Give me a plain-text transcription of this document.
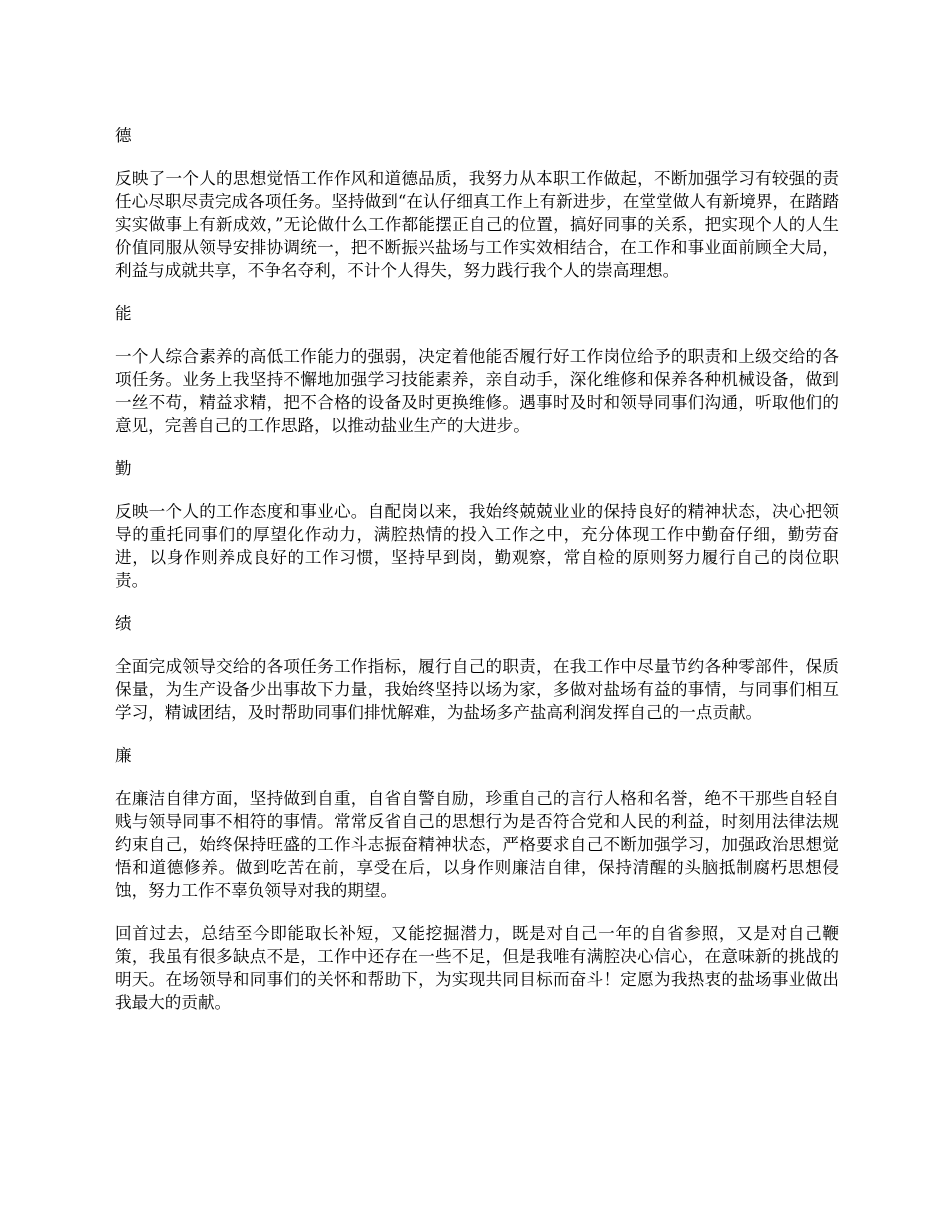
德
反映了一个人的思想觉悟工作作风和道德品质，我努力从本职工作做起，不断加强学习有较强的责任心尽职尽责完成各项任务。坚持做到“在认仔细真工作上有新进步，在堂堂做人有新境界，在踏踏实实做事上有新成效，”无论做什么工作都能摆正自己的位置，搞好同事的关系，把实现个人的人生价值同服从领导安排协调统一，把不断振兴盐场与工作实效相结合，在工作和事业面前顾全大局，利益与成就共享，不争名夺利，不计个人得失，努力践行我个人的崇高理想。
能
一个人综合素养的高低工作能力的强弱，决定着他能否履行好工作岗位给予的职责和上级交给的各项任务。业务上我坚持不懈地加强学习技能素养，亲自动手，深化维修和保养各种机械设备，做到一丝不苟，精益求精，把不合格的设备及时更换维修。遇事时及时和领导同事们沟通，听取他们的意见，完善自己的工作思路，以推动盐业生产的大进步。
勤
反映一个人的工作态度和事业心。自配岗以来，我始终兢兢业业的保持良好的精神状态，决心把领导的重托同事们的厚望化作动力，满腔热情的投入工作之中，充分体现工作中勤奋仔细，勤劳奋进，以身作则养成良好的工作习惯，坚持早到岗，勤观察，常自检的原则努力履行自己的岗位职责。
绩
全面完成领导交给的各项任务工作指标，履行自己的职责，在我工作中尽量节约各种零部件，保质保量，为生产设备少出事故下力量，我始终坚持以场为家，多做对盐场有益的事情，与同事们相互学习，精诚团结，及时帮助同事们排忧解难，为盐场多产盐高利润发挥自己的一点贡献。
廉
在廉洁自律方面，坚持做到自重，自省自警自励，珍重自己的言行人格和名誉，绝不干那些自轻自贱与领导同事不相符的事情。常常反省自己的思想行为是否符合党和人民的利益，时刻用法律法规约束自己，始终保持旺盛的工作斗志振奋精神状态，严格要求自己不断加强学习，加强政治思想觉悟和道德修养。做到吃苦在前，享受在后，以身作则廉洁自律，保持清醒的头脑抵制腐朽思想侵蚀，努力工作不辜负领导对我的期望。
回首过去，总结至今即能取长补短，又能挖掘潜力，既是对自己一年的自省参照，又是对自己鞭策，我虽有很多缺点不是，工作中还存在一些不足，但是我唯有满腔决心信心，在意味新的挑战的明天。在场领导和同事们的关怀和帮助下，为实现共同目标而奋斗！定愿为我热衷的盐场事业做出我最大的贡献。
